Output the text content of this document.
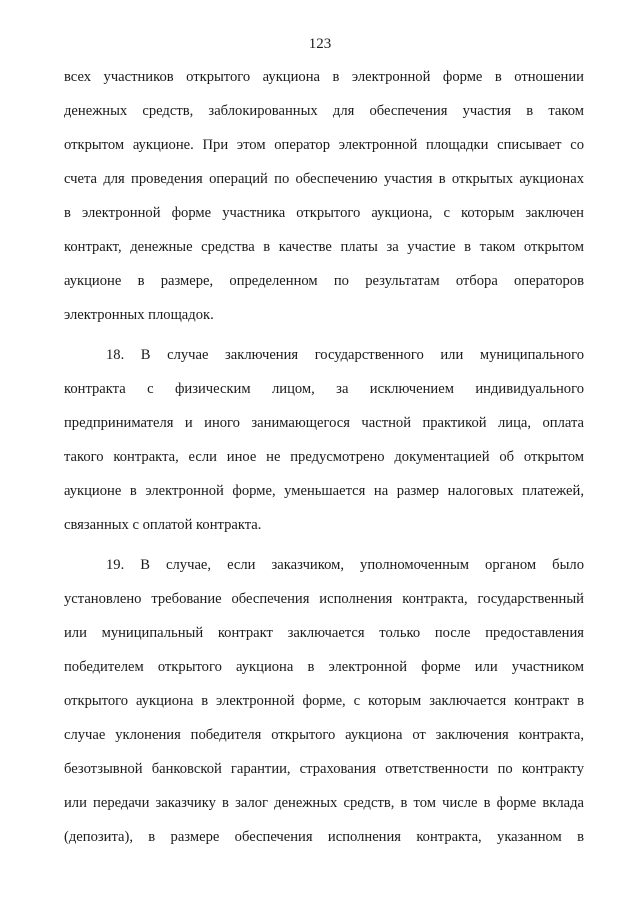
123
всех участников открытого аукциона в электронной форме в отношении
денежных средств, заблокированных для обеспечения участия в таком
открытом аукционе. При этом оператор электронной площадки списывает со
счета для проведения операций по обеспечению участия в открытых аукционах
в электронной форме участника открытого аукциона, с которым заключен
контракт, денежные средства в качестве платы за участие в таком открытом
аукционе в размере, определенном по результатам отбора операторов
электронных площадок.
18. В случае заключения государственного или муниципального
контракта с физическим лицом, за исключением индивидуального
предпринимателя и иного занимающегося частной практикой лица, оплата
такого контракта, если иное не предусмотрено документацией об открытом
аукционе в электронной форме, уменьшается на размер налоговых платежей,
связанных с оплатой контракта.
19. В случае, если заказчиком, уполномоченным органом было
установлено требование обеспечения исполнения контракта, государственный
или муниципальный контракт заключается только после предоставления
победителем открытого аукциона в электронной форме или участником
открытого аукциона в электронной форме, с которым заключается контракт в
случае уклонения победителя открытого аукциона от заключения контракта,
безотзывной банковской гарантии, страхования ответственности по контракту
или передачи заказчику в залог денежных средств, в том числе в форме вклада
(депозита), в размере обеспечения исполнения контракта, указанном в
